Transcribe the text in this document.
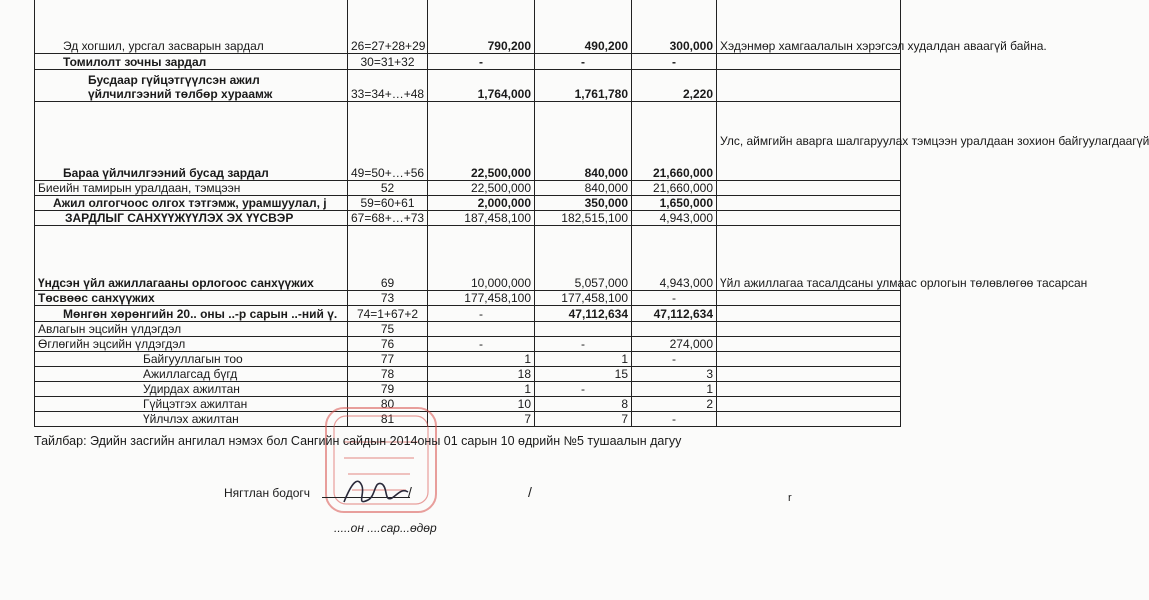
Эд хогшил, урсгал засварын зардал	26=27+28+29	790,200	490,200	300,000	Хэдэнмөр хамгаалалын хэрэгсэл худалдан аваагүй байна.
Томилолт зочны зардал	30=31+32	-	-	-	

Бусдаар гүйцэтгүүлсэн ажил үйлчилгээний төлбөр хураамж	33=34+…+48	1,764,000	1,761,780	2,220	
Бараа үйлчилгээний бусад зардал	49=50+…+56	22,500,000	840,000	21,660,000	Улс, аймгийн аварга шалгаруулах тэмцээн уралдаан зохион байгуулагдаагүй
Биеийн тамирын уралдаан, тэмцээн	52	22,500,000	840,000	21,660,000	
Ажил олгогчоос олгох тэтгэмж, урамшуулал, ј	59=60+61	2,000,000	350,000	1,650,000	
ЗАРДЛЫГ САНХҮҮЖҮҮЛЭХ ЭХ ҮҮСВЭР	67=68+…+73	187,458,100	182,515,100	4,943,000	
Үндсэн үйл ажиллагааны орлогоос санхүүжих	69	10,000,000	5,057,000	4,943,000	Үйл ажиллагаа тасалдсаны улмаас орлогын төлөвлөгөө тасарсан
Төсвөөс санхүүжих	73	177,458,100	177,458,100	-	
Мөнгөн хөрөнгийн 20.. оны ..-р сарын ..-ний ү.	74=1+67+2	-	47,112,634	47,112,634	
Авлагын эцсийн үлдэгдэл	75				
Өглөгийн эцсийн үлдэгдэл	76	-	-	274,000	
Байгууллагын тоо	77	1	1	-	
Ажиллагсад бүгд	78	18	15	3	
Удирдах ажилтан	79	1	-	1	
Гүйцэтгэх ажилтан	80	10	8	2	
Үйлчлэх ажилтан	81	7	7	-	
Тайлбар: Эдийн засгийн ангилал нэмэх бол Сангийн сайдын 2014оны 01 сарын 10 өдрийн №5 тушаалын дагуу
Нягтлан бодогч	/	/
.....он ....сар...өдөр
r
